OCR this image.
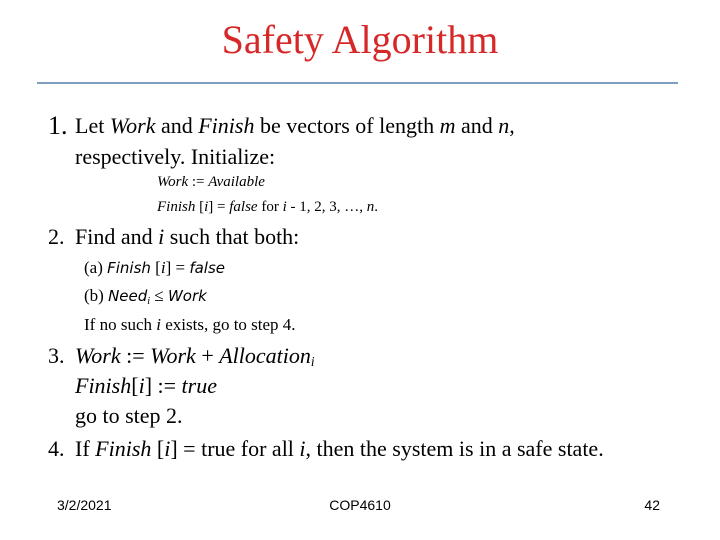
Safety Algorithm
1. Let Work and Finish be vectors of length m and n,
respectively. Initialize:
Work := Available
Finish [i] = false for i - 1, 2, 3, …, n.
2. Find and i such that both:
(a) Finish [i] = false
(b) Need$_i$ ≤ Work
If no such i exists, go to step 4.
3. Work := Work + Allocation$_i$
Finish[i] := true
go to step 2.
4. If Finish [i] = true for all i, then the system is in a safe state.
3/2/2021	COP4610	42
